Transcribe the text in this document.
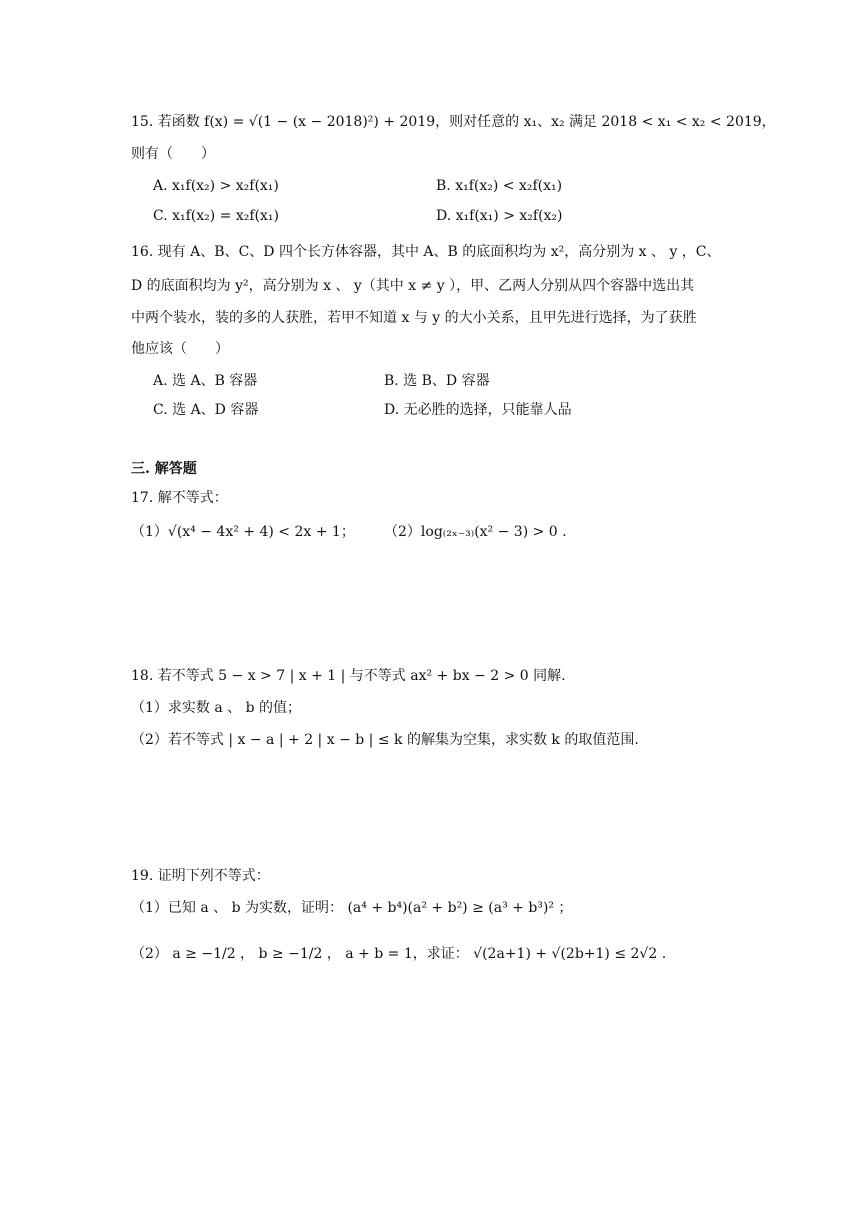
15. 若函数 f(x) = √(1 − (x − 2018)²) + 2019，则对任意的 x₁、x₂ 满足 2018 < x₁ < x₂ < 2019，
则有（　　）
A. x₁f(x₂) > x₂f(x₁)	B. x₁f(x₂) < x₂f(x₁)
C. x₁f(x₂) = x₂f(x₁)	D. x₁f(x₁) > x₂f(x₂)
16. 现有 A、B、C、D 四个长方体容器，其中 A、B 的底面积均为 x²，高分别为 x 、 y ，C、
D 的底面积均为 y²，高分别为 x 、 y（其中 x ≠ y ），甲、乙两人分别从四个容器中选出其
中两个装水，装的多的人获胜，若甲不知道 x 与 y 的大小关系，且甲先进行选择，为了获胜
他应该（　　）
A. 选 A、B 容器	B. 选 B、D 容器
C. 选 A、D 容器	D. 无必胜的选择，只能靠人品
三. 解答题
17. 解不等式：
（1）√(x⁴ − 4x² + 4) < 2x + 1； （2）log₍₂ₓ₋₃₎(x² − 3) > 0 .
18. 若不等式 5 − x > 7 | x + 1 | 与不等式 ax² + bx − 2 > 0 同解.
（1）求实数 a 、 b 的值；
（2）若不等式 | x − a | + 2 | x − b | ≤ k 的解集为空集，求实数 k 的取值范围.
19. 证明下列不等式：
（1）已知 a 、 b 为实数，证明： (a⁴ + b⁴)(a² + b²) ≥ (a³ + b³)² ；
（2） a ≥ −1/2 ， b ≥ −1/2 ， a + b = 1，求证： √(2a+1) + √(2b+1) ≤ 2√2 .
